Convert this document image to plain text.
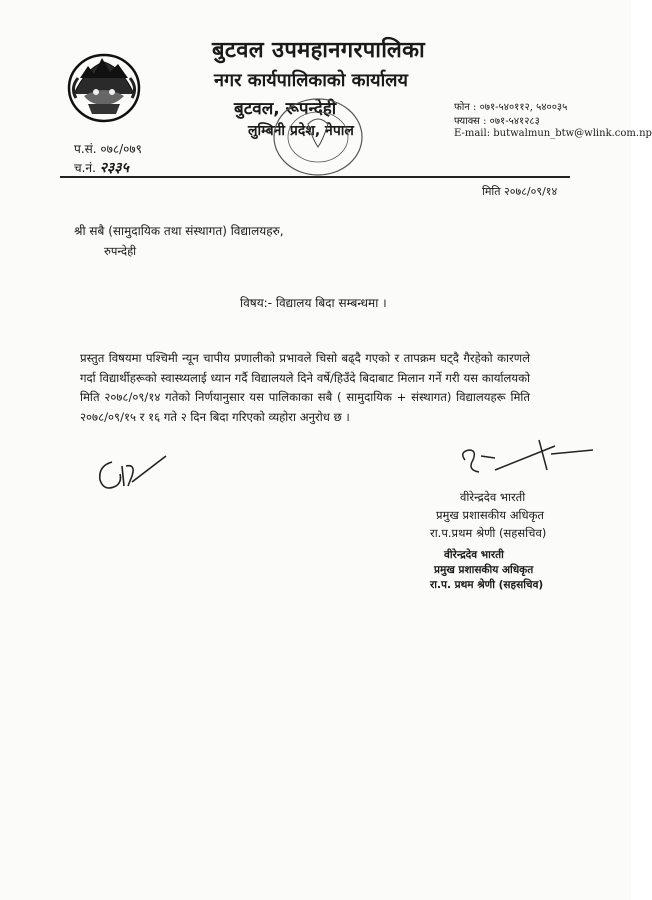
बुटवल उपमहानगरपालिका
नगर कार्यपालिकाको कार्यालय
बुटवल, रूपन्देही
लुम्बिनी प्रदेश, नेपाल
फोन : ०७१-५४०११२, ५४००३५
फ्याक्स : ०७१-५४१२८३
E-mail: butwalmun_btw@wlink.com.np
प.सं. ०७८/०७९
च.नं. २३३५
मिति २०७८/०९/१४
श्री सबै (सामुदायिक तथा संस्थागत) विद्यालयहरु,
रुपन्देही
विषय:- विद्यालय बिदा सम्बन्धमा ।
प्रस्तुत विषयमा पश्चिमी न्यून चापीय प्रणालीको प्रभावले चिसो बढ्दै गएको र तापक्रम घट्दै गैरहेको कारणले गर्दा विद्यार्थीहरूको स्वास्थ्यलाई ध्यान गर्दै विद्यालयले दिने वर्षे/हिउँदे बिदाबाट मिलान गर्ने गरी यस कार्यालयको मिति २०७८/०९/१४ गतेको निर्णयानुसार यस पालिकाका सबै ( सामुदायिक + संस्थागत) विद्यालयहरू मिति २०७८/०९/१५ र १६ गते २ दिन बिदा गरिएको व्यहोरा अनुरोध छ ।
वीरेन्द्रदेव भारती
प्रमुख प्रशासकीय अधिकृत
रा.प.प्रथम श्रेणी (सहसचिव)
वीरेन्द्रदेव भारती
प्रमुख प्रशासकीय अधिकृत
रा.प. प्रथम श्रेणी (सहसचिव)
